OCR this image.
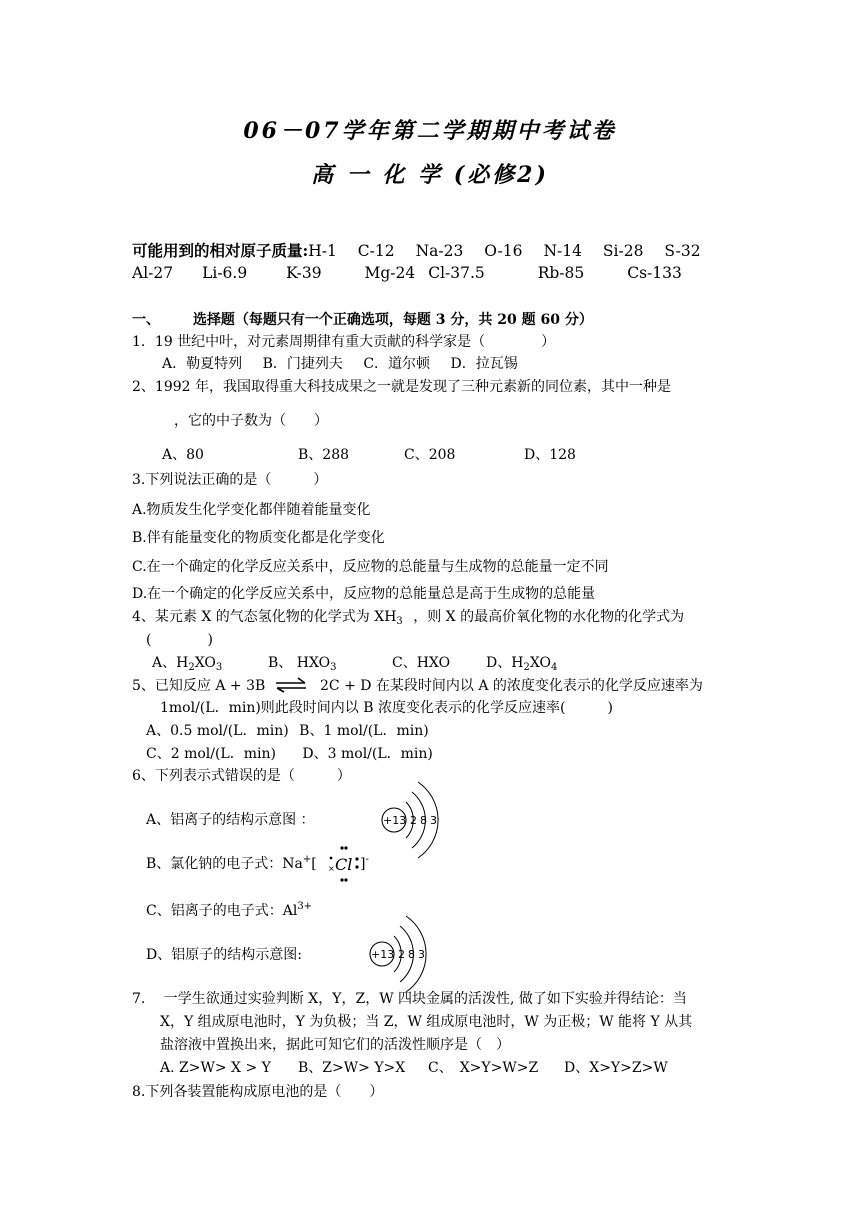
06－07学年第二学期期中考试卷
高 一 化 学 (必修2)
可能用到的相对原子质量:H-1 C-12 Na-23 O-16 N-14 Si-28 S-32
Al-27 Li-6.9	K-39	Mg-24 Cl-37.5	Rb-85	Cs-133
一、 选择题（每题只有一个正确选项，每题 3 分，共 20 题 60 分）
1．19 世纪中叶，对元素周期律有重大贡献的科学家是（　　　　）
A．勒夏特列 B．门捷列夫 C．道尔顿 D．拉瓦锡
2、1992 年，我国取得重大科技成果之一就是发现了三种元素新的同位素，其中一种是
，它的中子数为（　　）
A、80	B、288	C、208	D、128
3.下列说法正确的是（　　　）
A.物质发生化学变化都伴随着能量变化
B.伴有能量变化的物质变化都是化学变化
C.在一个确定的化学反应关系中，反应物的总能量与生成物的总能量一定不同
D.在一个确定的化学反应关系中，反应物的总能量总是高于生成物的总能量
4、某元素 X 的气态氢化物的化学式为 $XH_3$ ，则 X 的最高价氧化物的水化物的化学式为
(　　　　)
A、$H_2XO_3$	B、 $HXO_3$	C、HXO	D、$H_2XO_4$
5、已知反应 A + 3B ⇌ 2C + D 在某段时间内以 A 的浓度变化表示的化学反应速率为
1mol/(L．min)则此段时间内以 B 浓度变化表示的化学反应速率(　　　)
A、0.5 mol/(L．min) B、1 mol/(L．min)
C、2 mol/(L．min) D、3 mol/(L．min)
6、下列表示式错误的是（　　　）
A、铝离子的结构示意图 ：	+13 2 8 3
B、氯化钠的电子式：Na+[ × Cl ]-
C、铝离子的电子式：$Al^{3+}$
D、铝原子的结构示意图:	+13 2 8 3
7.　 一学生欲通过实验判断 X，Y，Z，W 四块金属的活泼性, 做了如下实验并得结论：当
X，Y 组成原电池时，Y 为负极；当 Z，W 组成原电池时，W 为正极；W 能将 Y 从其
盐溶液中置换出来，据此可知它们的活泼性顺序是（　）
A. Z>W> X > Y B、Z>W> Y>X C、　X>Y>W>Z D、X>Y>Z>W
8.下列各装置能构成原电池的是（　　）
